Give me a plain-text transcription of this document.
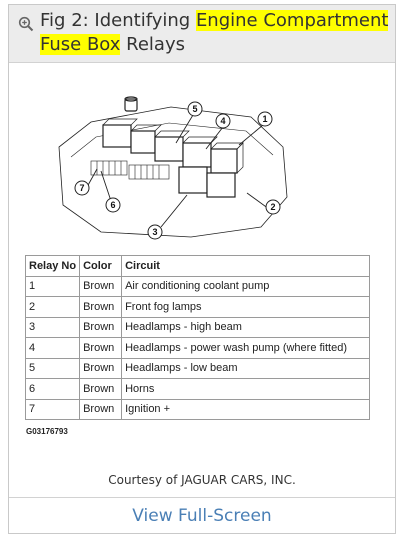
Fig 2: Identifying Engine Compartment Fuse Box Relays
1
2
3
4
5
6
7
Relay No	Color	Circuit
1	Brown	Air conditioning coolant pump
2	Brown	Front fog lamps
3	Brown	Headlamps - high beam
4	Brown	Headlamps - power wash pump (where fitted)
5	Brown	Headlamps - low beam
6	Brown	Horns
7	Brown	Ignition +
G03176793
Courtesy of JAGUAR CARS, INC.
View Full-Screen
